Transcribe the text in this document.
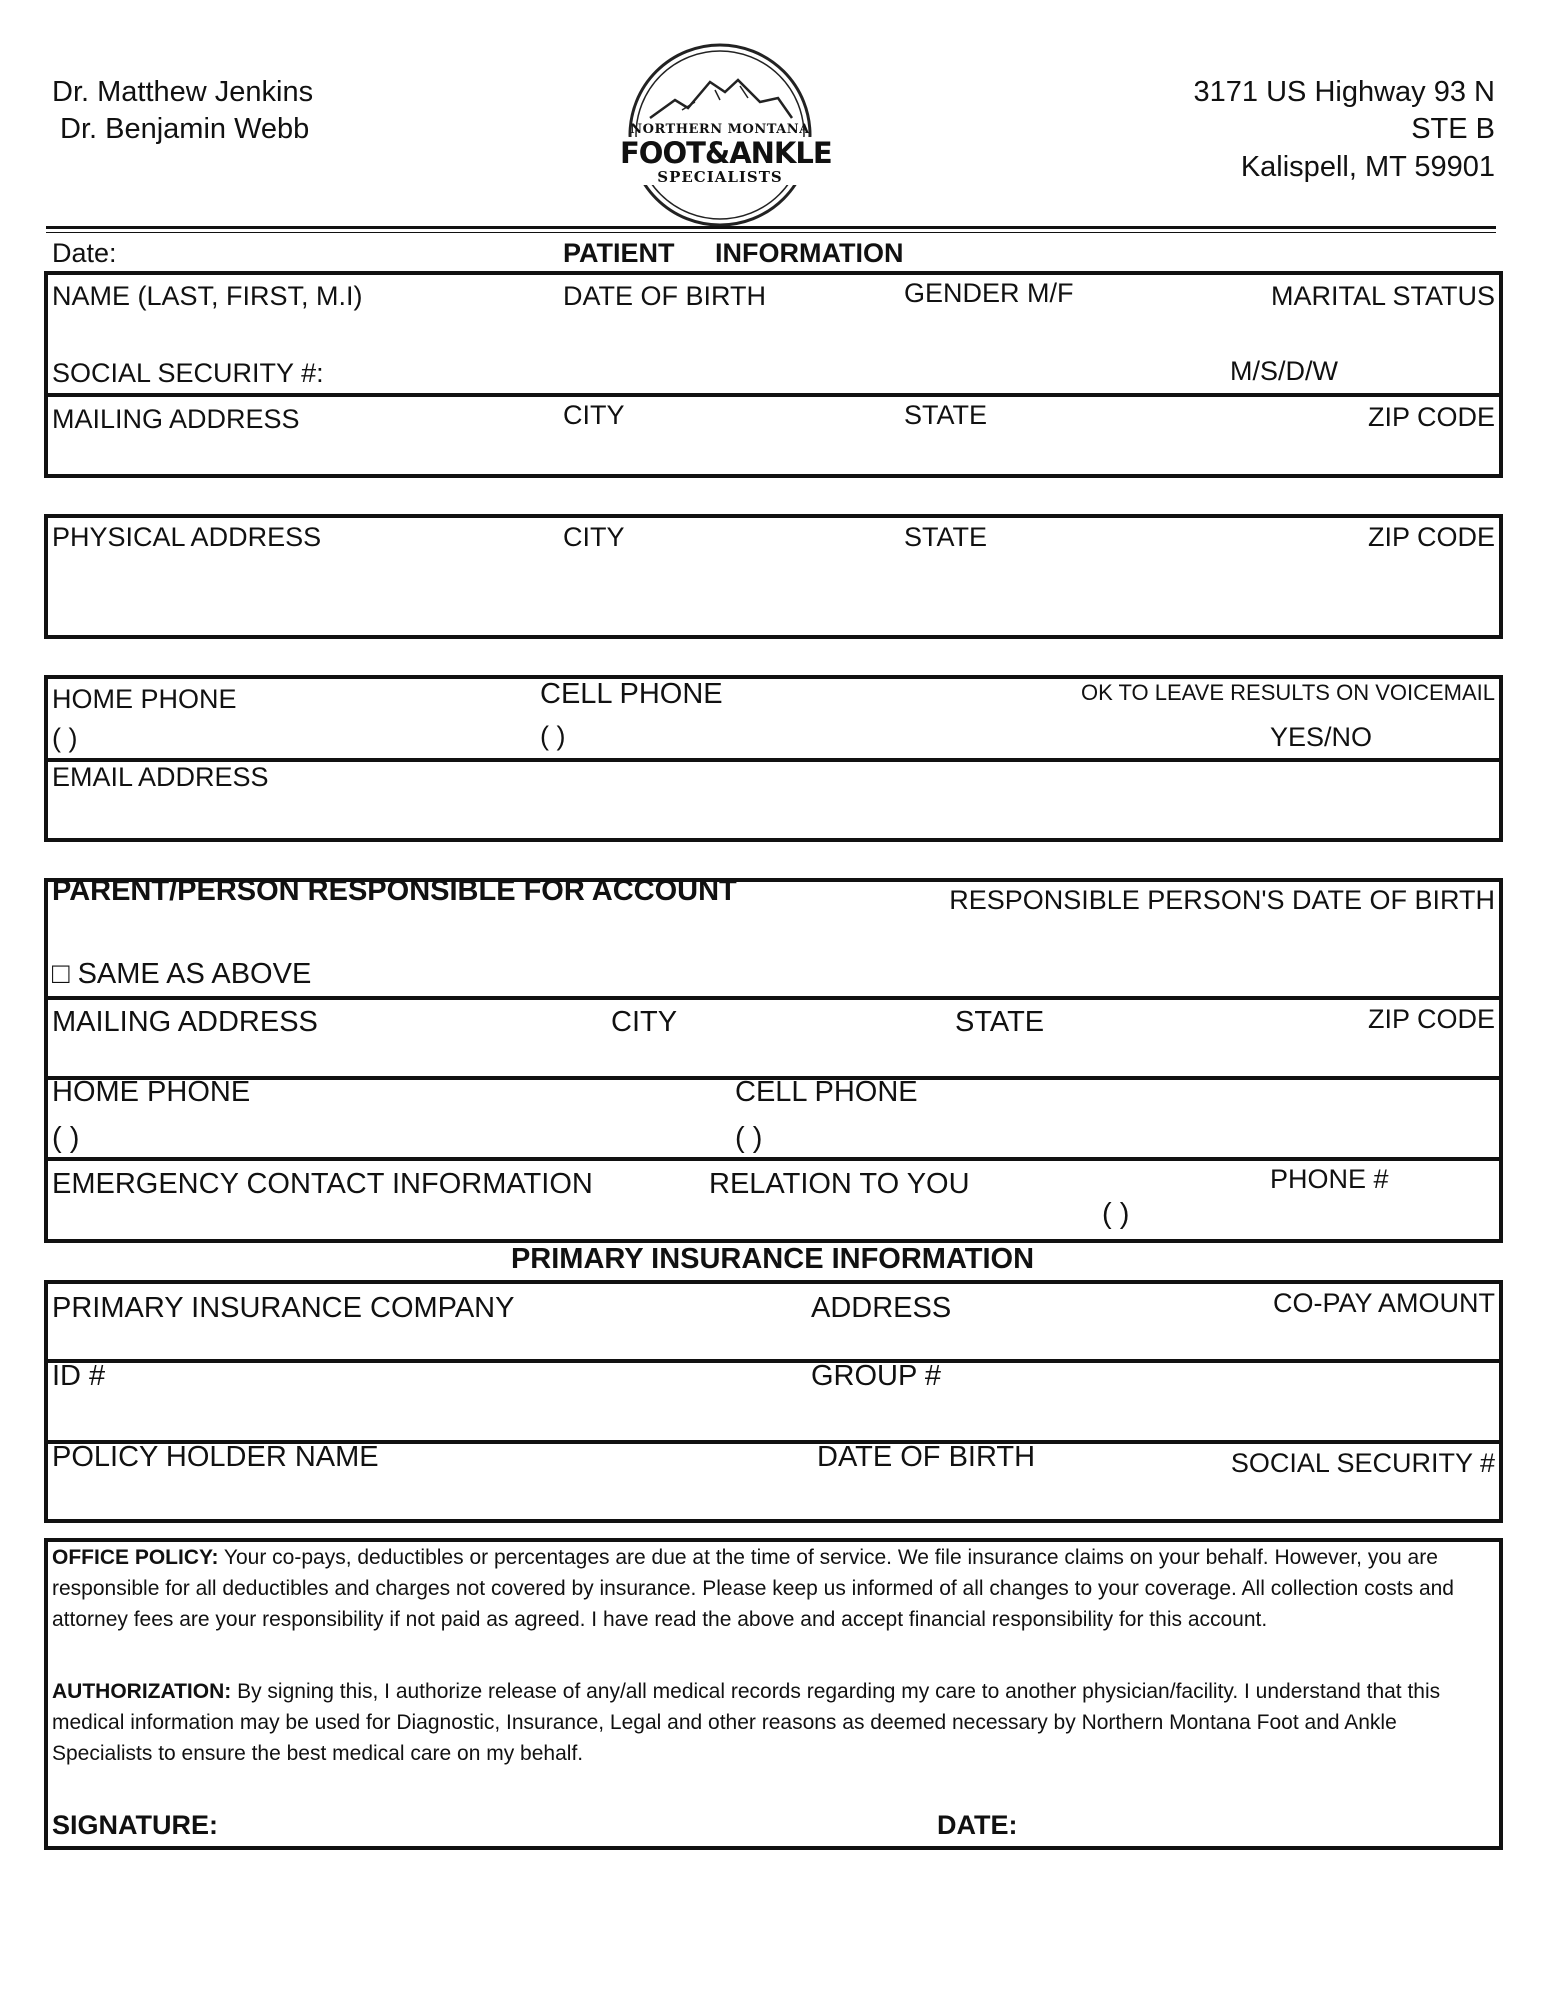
Dr. Matthew Jenkins
Dr. Benjamin Webb
3171 US Highway 93 N
STE B
Kalispell, MT 59901
NORTHERN MONTANA
FOOT&ANKLE
SPECIALISTS
Date:	PATIENT INFORMATION
NAME (LAST, FIRST, M.I)	DATE OF BIRTH	GENDER M/F	MARITAL STATUS
SOCIAL SECURITY #:	M/S/D/W
MAILING ADDRESS	CITY	STATE	ZIP CODE
PHYSICAL ADDRESS	CITY	STATE	ZIP CODE
HOME PHONE
( )
CELL PHONE
( )
OK TO LEAVE RESULTS ON VOICEMAIL
YES/NO
EMAIL ADDRESS
PARENT/PERSON RESPONSIBLE FOR ACCOUNT	RESPONSIBLE PERSON'S DATE OF BIRTH
□ SAME AS ABOVE
MAILING ADDRESS	CITY	STATE	ZIP CODE
HOME PHONE
( )
CELL PHONE
( )
EMERGENCY CONTACT INFORMATION	RELATION TO YOU	PHONE #
( )
PRIMARY INSURANCE INFORMATION
PRIMARY INSURANCE COMPANY	ADDRESS	CO-PAY AMOUNT
ID #	GROUP #
POLICY HOLDER NAME	DATE OF BIRTH	SOCIAL SECURITY #
OFFICE POLICY: Your co-pays, deductibles or percentages are due at the time of service. We file insurance claims on your behalf. However, you are responsible for all deductibles and charges not covered by insurance. Please keep us informed of all changes to your coverage. All collection costs and attorney fees are your responsibility if not paid as agreed. I have read the above and accept financial responsibility for this account.
AUTHORIZATION: By signing this, I authorize release of any/all medical records regarding my care to another physician/facility. I understand that this medical information may be used for Diagnostic, Insurance, Legal and other reasons as deemed necessary by Northern Montana Foot and Ankle Specialists to ensure the best medical care on my behalf.
SIGNATURE:	DATE:
